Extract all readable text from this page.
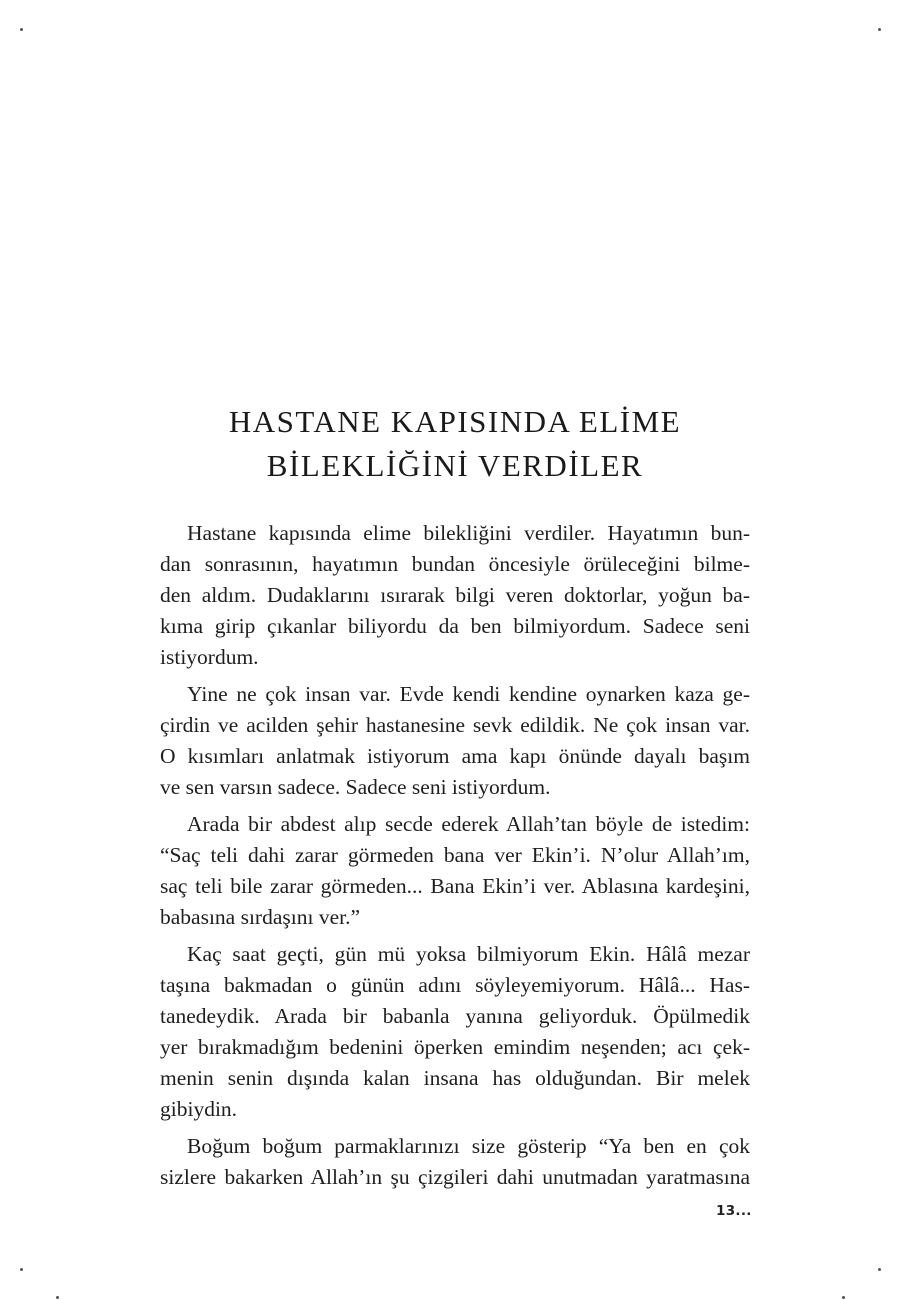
HASTANE KAPISINDA ELİME
BİLEKLİĞİNİ VERDİLER
Hastane kapısında elime bilekliğini verdiler. Hayatımın bun-
dan sonrasının, hayatımın bundan öncesiyle örüleceğini bilme-
den aldım. Dudaklarını ısırarak bilgi veren doktorlar, yoğun ba-
kıma girip çıkanlar biliyordu da ben bilmiyordum. Sadece seni
istiyordum.
Yine ne çok insan var. Evde kendi kendine oynarken kaza ge-
çirdin ve acilden şehir hastanesine sevk edildik. Ne çok insan var.
O kısımları anlatmak istiyorum ama kapı önünde dayalı başım
ve sen varsın sadece. Sadece seni istiyordum.
Arada bir abdest alıp secde ederek Allah’tan böyle de istedim:
“Saç teli dahi zarar görmeden bana ver Ekin’i. N’olur Allah’ım,
saç teli bile zarar görmeden... Bana Ekin’i ver. Ablasına kardeşini,
babasına sırdaşını ver.”
Kaç saat geçti, gün mü yoksa bilmiyorum Ekin. Hâlâ mezar
taşına bakmadan o günün adını söyleyemiyorum. Hâlâ... Has-
tanedeydik. Arada bir babanla yanına geliyorduk. Öpülmedik
yer bırakmadığım bedenini öperken emindim neşenden; acı çek-
menin senin dışında kalan insana has olduğundan. Bir melek
gibiydin.
Boğum boğum parmaklarınızı size gösterip “Ya ben en çok
sizlere bakarken Allah’ın şu çizgileri dahi unutmadan yaratmasına
13...
